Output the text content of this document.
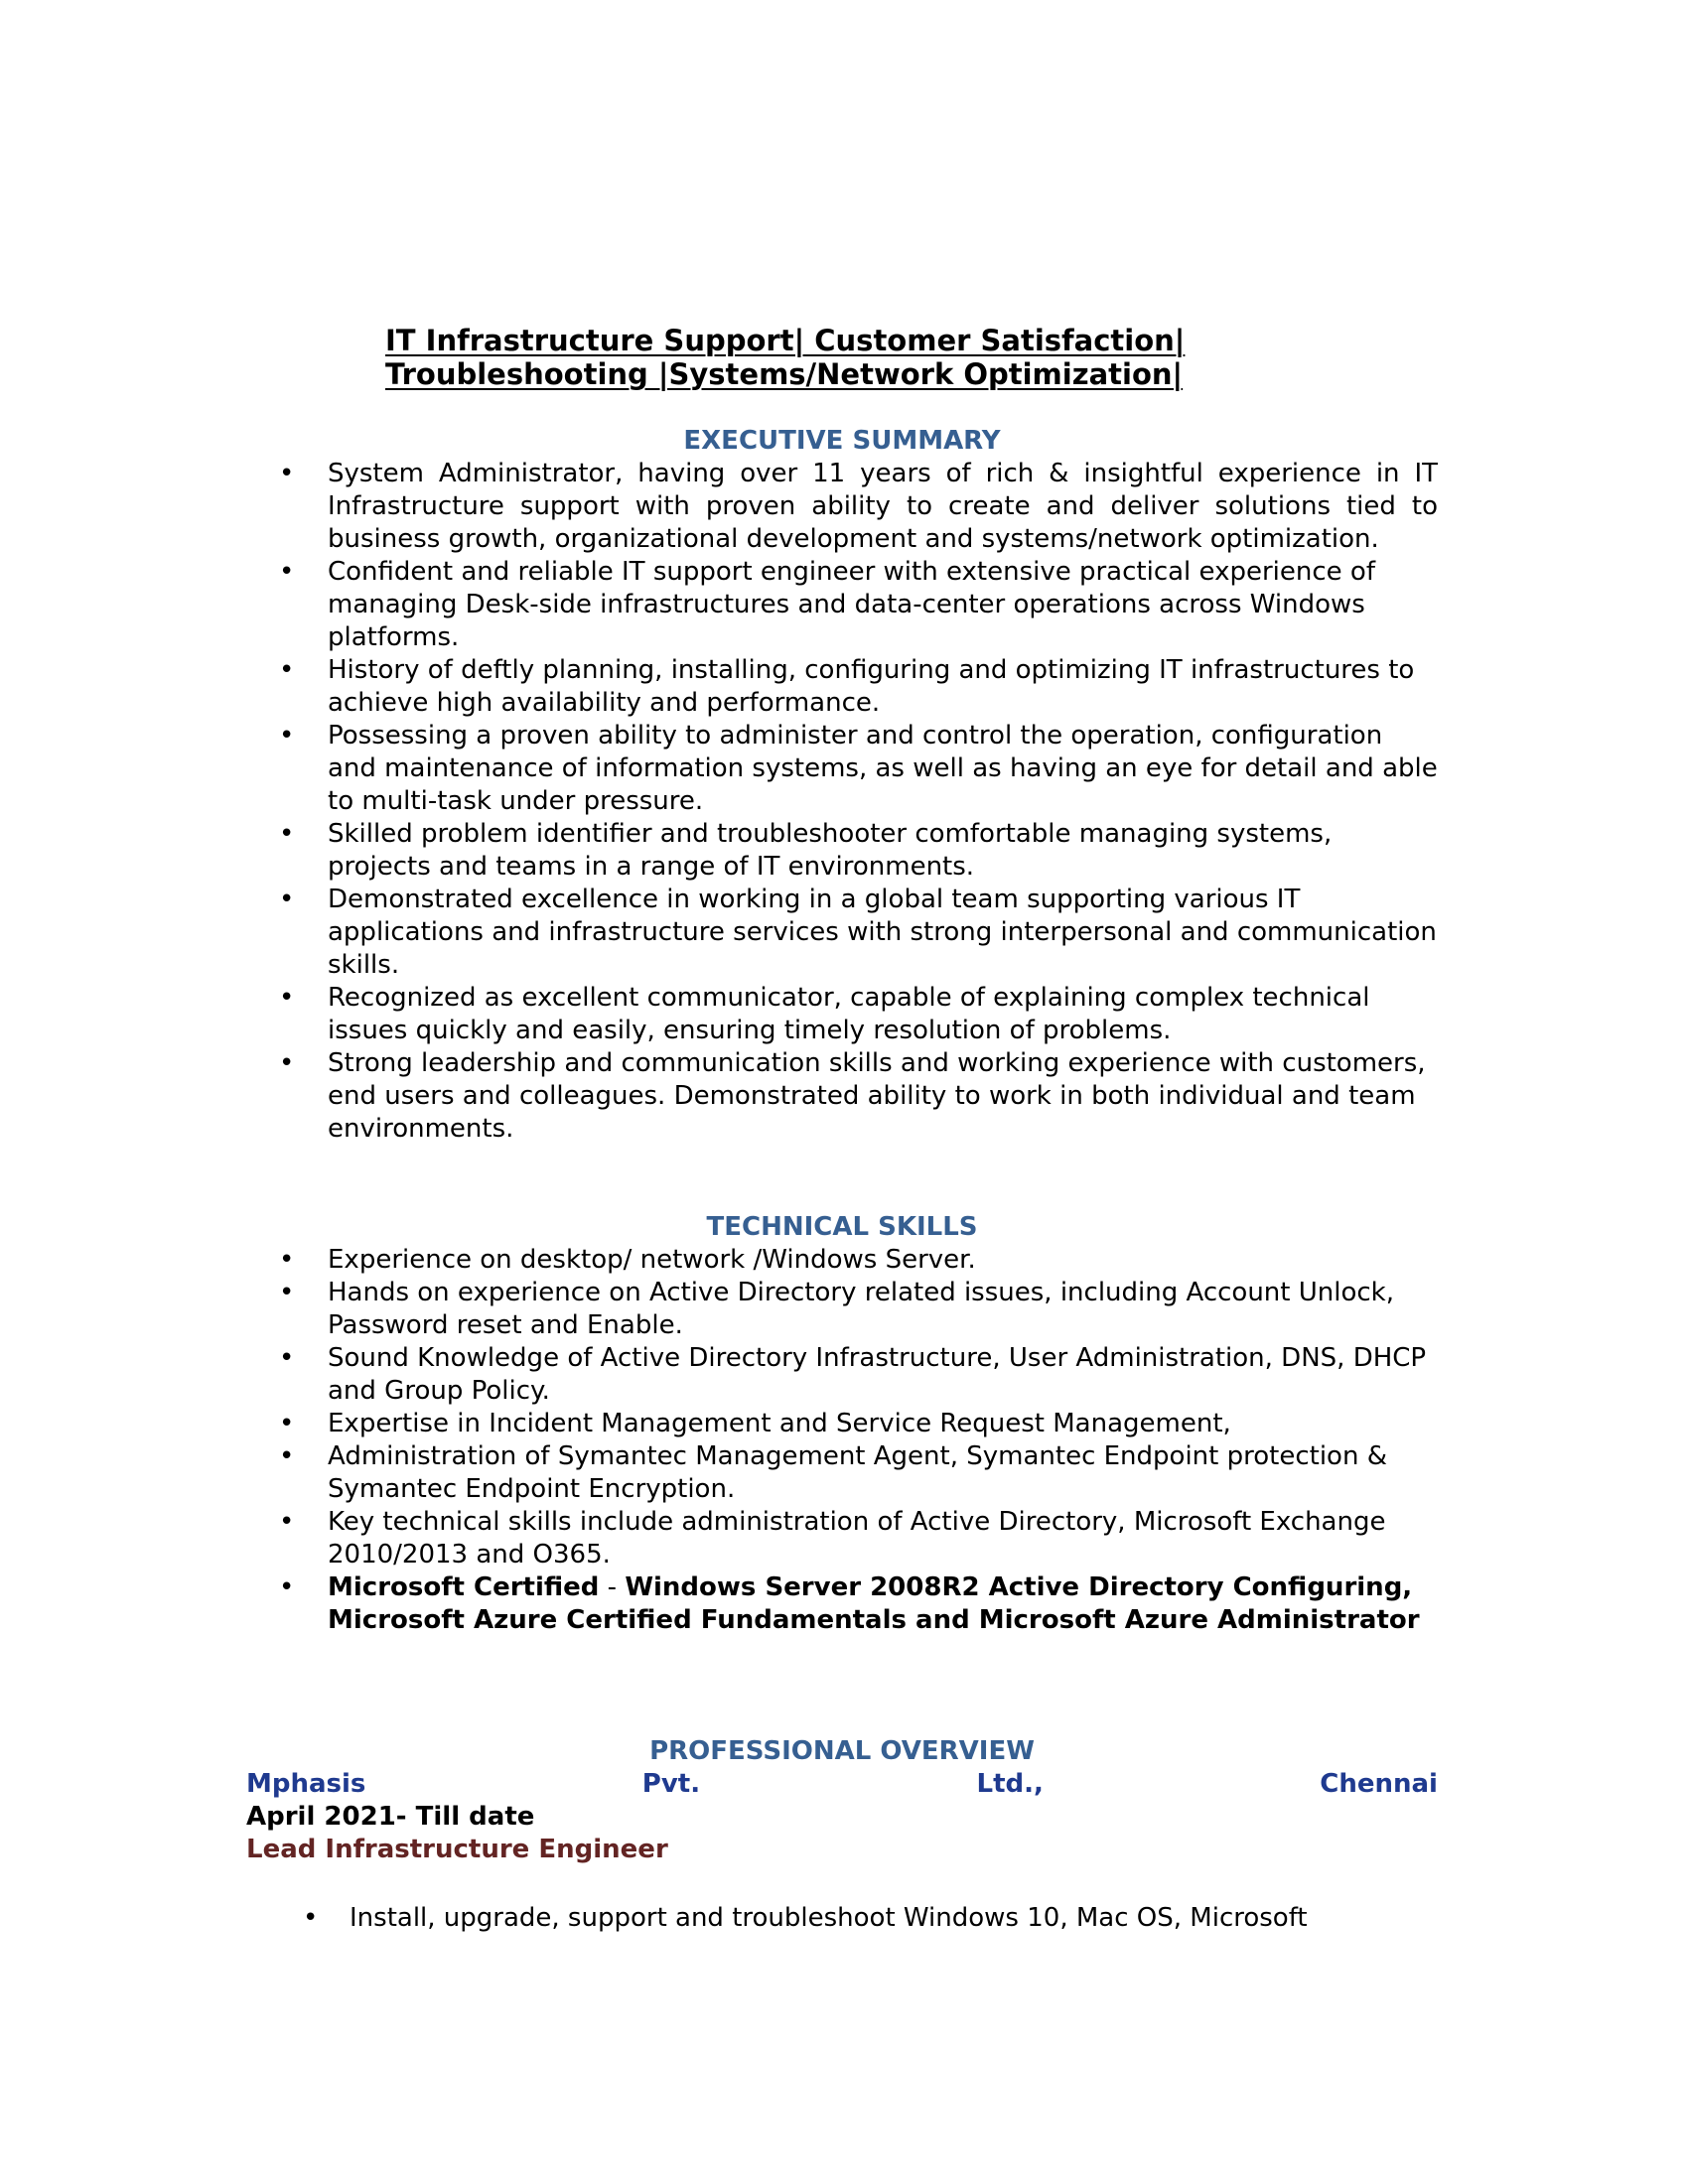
IT Infrastructure Support| Customer Satisfaction|
Troubleshooting |Systems/Network Optimization|
EXECUTIVE SUMMARY
• System Administrator, having over 11 years of rich & insightful experience in IT Infrastructure support with proven ability to create and deliver solutions tied to business growth, organizational development and systems/network optimization.
• Confident and reliable IT support engineer with extensive practical experience of managing Desk-side infrastructures and data-center operations across Windows platforms.
• History of deftly planning, installing, configuring and optimizing IT infrastructures to achieve high availability and performance.
• Possessing a proven ability to administer and control the operation, configuration and maintenance of information systems, as well as having an eye for detail and able to multi-task under pressure.
• Skilled problem identifier and troubleshooter comfortable managing systems, projects and teams in a range of IT environments.
• Demonstrated excellence in working in a global team supporting various IT applications and infrastructure services with strong interpersonal and communication skills.
• Recognized as excellent communicator, capable of explaining complex technical issues quickly and easily, ensuring timely resolution of problems.
• Strong leadership and communication skills and working experience with customers, end users and colleagues. Demonstrated ability to work in both individual and team environments.
TECHNICAL SKILLS
• Experience on desktop/ network /Windows Server.
• Hands on experience on Active Directory related issues, including Account Unlock, Password reset and Enable.
• Sound Knowledge of Active Directory Infrastructure, User Administration, DNS, DHCP and Group Policy.
• Expertise in Incident Management and Service Request Management,
• Administration of Symantec Management Agent, Symantec Endpoint protection & Symantec Endpoint Encryption.
• Key technical skills include administration of Active Directory, Microsoft Exchange 2010/2013 and O365.
• Microsoft Certified - Windows Server 2008R2 Active Directory Configuring, Microsoft Azure Certified Fundamentals and Microsoft Azure Administrator
PROFESSIONAL OVERVIEW
Mphasis	Pvt.	Ltd.,	Chennai
April 2021- Till date
Lead Infrastructure Engineer
• Install, upgrade, support and troubleshoot Windows 10, Mac OS, Microsoft
